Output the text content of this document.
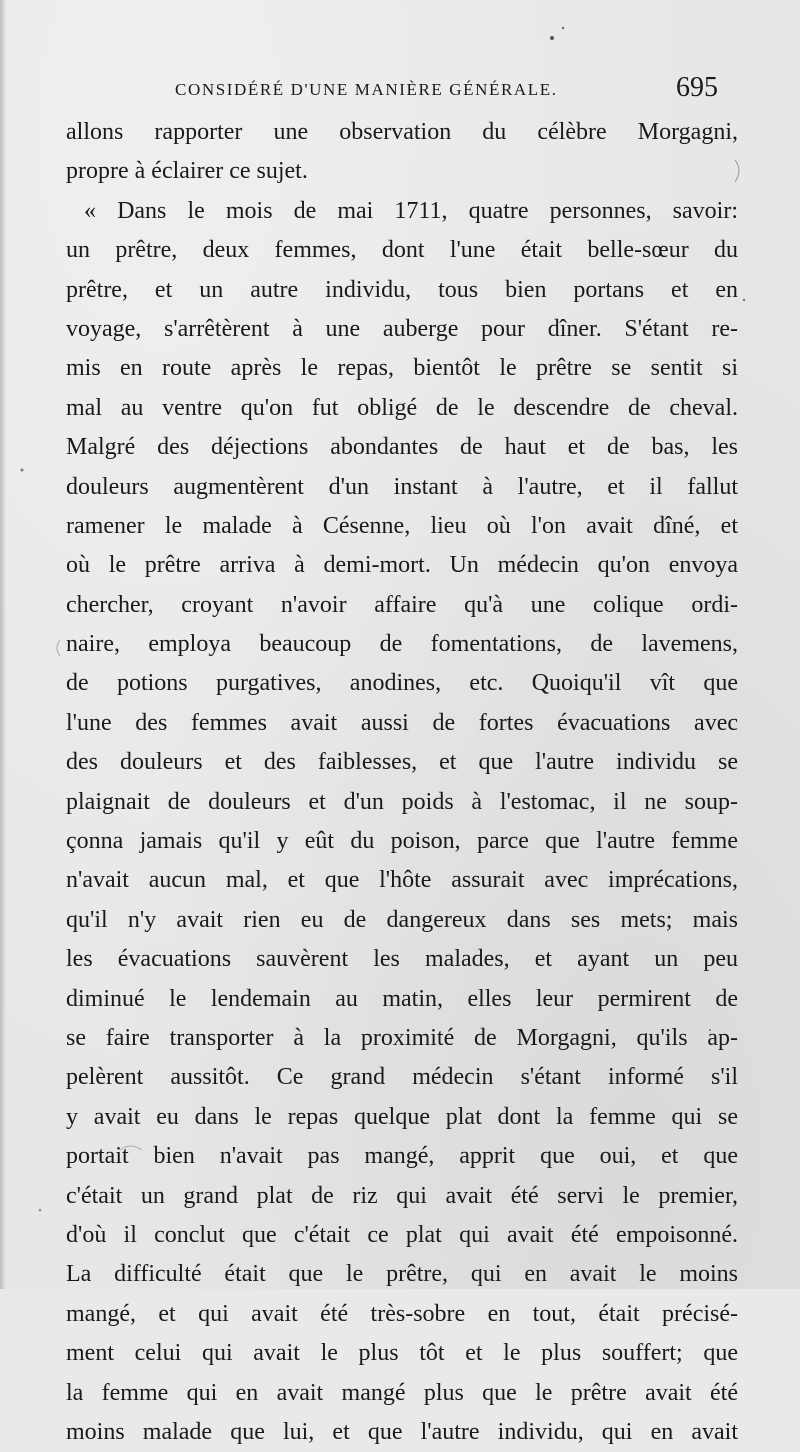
CONSIDÉRÉ D'UNE MANIÈRE GÉNÉRALE.	695
allons rapporter une observation du célèbre Morgagni,
propre à éclairer ce sujet.
« Dans le mois de mai 1711, quatre personnes, savoir:
un prêtre, deux femmes, dont l'une était belle-sœur du
prêtre, et un autre individu, tous bien portans et en
voyage, s'arrêtèrent à une auberge pour dîner. S'étant re-
mis en route après le repas, bientôt le prêtre se sentit si
mal au ventre qu'on fut obligé de le descendre de cheval.
Malgré des déjections abondantes de haut et de bas, les
douleurs augmentèrent d'un instant à l'autre, et il fallut
ramener le malade à Césenne, lieu où l'on avait dîné, et
où le prêtre arriva à demi-mort. Un médecin qu'on envoya
chercher, croyant n'avoir affaire qu'à une colique ordi-
naire, employa beaucoup de fomentations, de lavemens,
de potions purgatives, anodines, etc. Quoiqu'il vît que
l'une des femmes avait aussi de fortes évacuations avec
des douleurs et des faiblesses, et que l'autre individu se
plaignait de douleurs et d'un poids à l'estomac, il ne soup-
çonna jamais qu'il y eût du poison, parce que l'autre femme
n'avait aucun mal, et que l'hôte assurait avec imprécations,
qu'il n'y avait rien eu de dangereux dans ses mets; mais
les évacuations sauvèrent les malades, et ayant un peu
diminué le lendemain au matin, elles leur permirent de
se faire transporter à la proximité de Morgagni, qu'ils ap-
pelèrent aussitôt. Ce grand médecin s'étant informé s'il
y avait eu dans le repas quelque plat dont la femme qui se
portait bien n'avait pas mangé, apprit que oui, et que
c'était un grand plat de riz qui avait été servi le premier,
d'où il conclut que c'était ce plat qui avait été empoisonné.
La difficulté était que le prêtre, qui en avait le moins
mangé, et qui avait été très-sobre en tout, était précisé-
ment celui qui avait le plus tôt et le plus souffert; que
la femme qui en avait mangé plus que le prêtre avait été
moins malade que lui, et que l'autre individu, qui en avait
